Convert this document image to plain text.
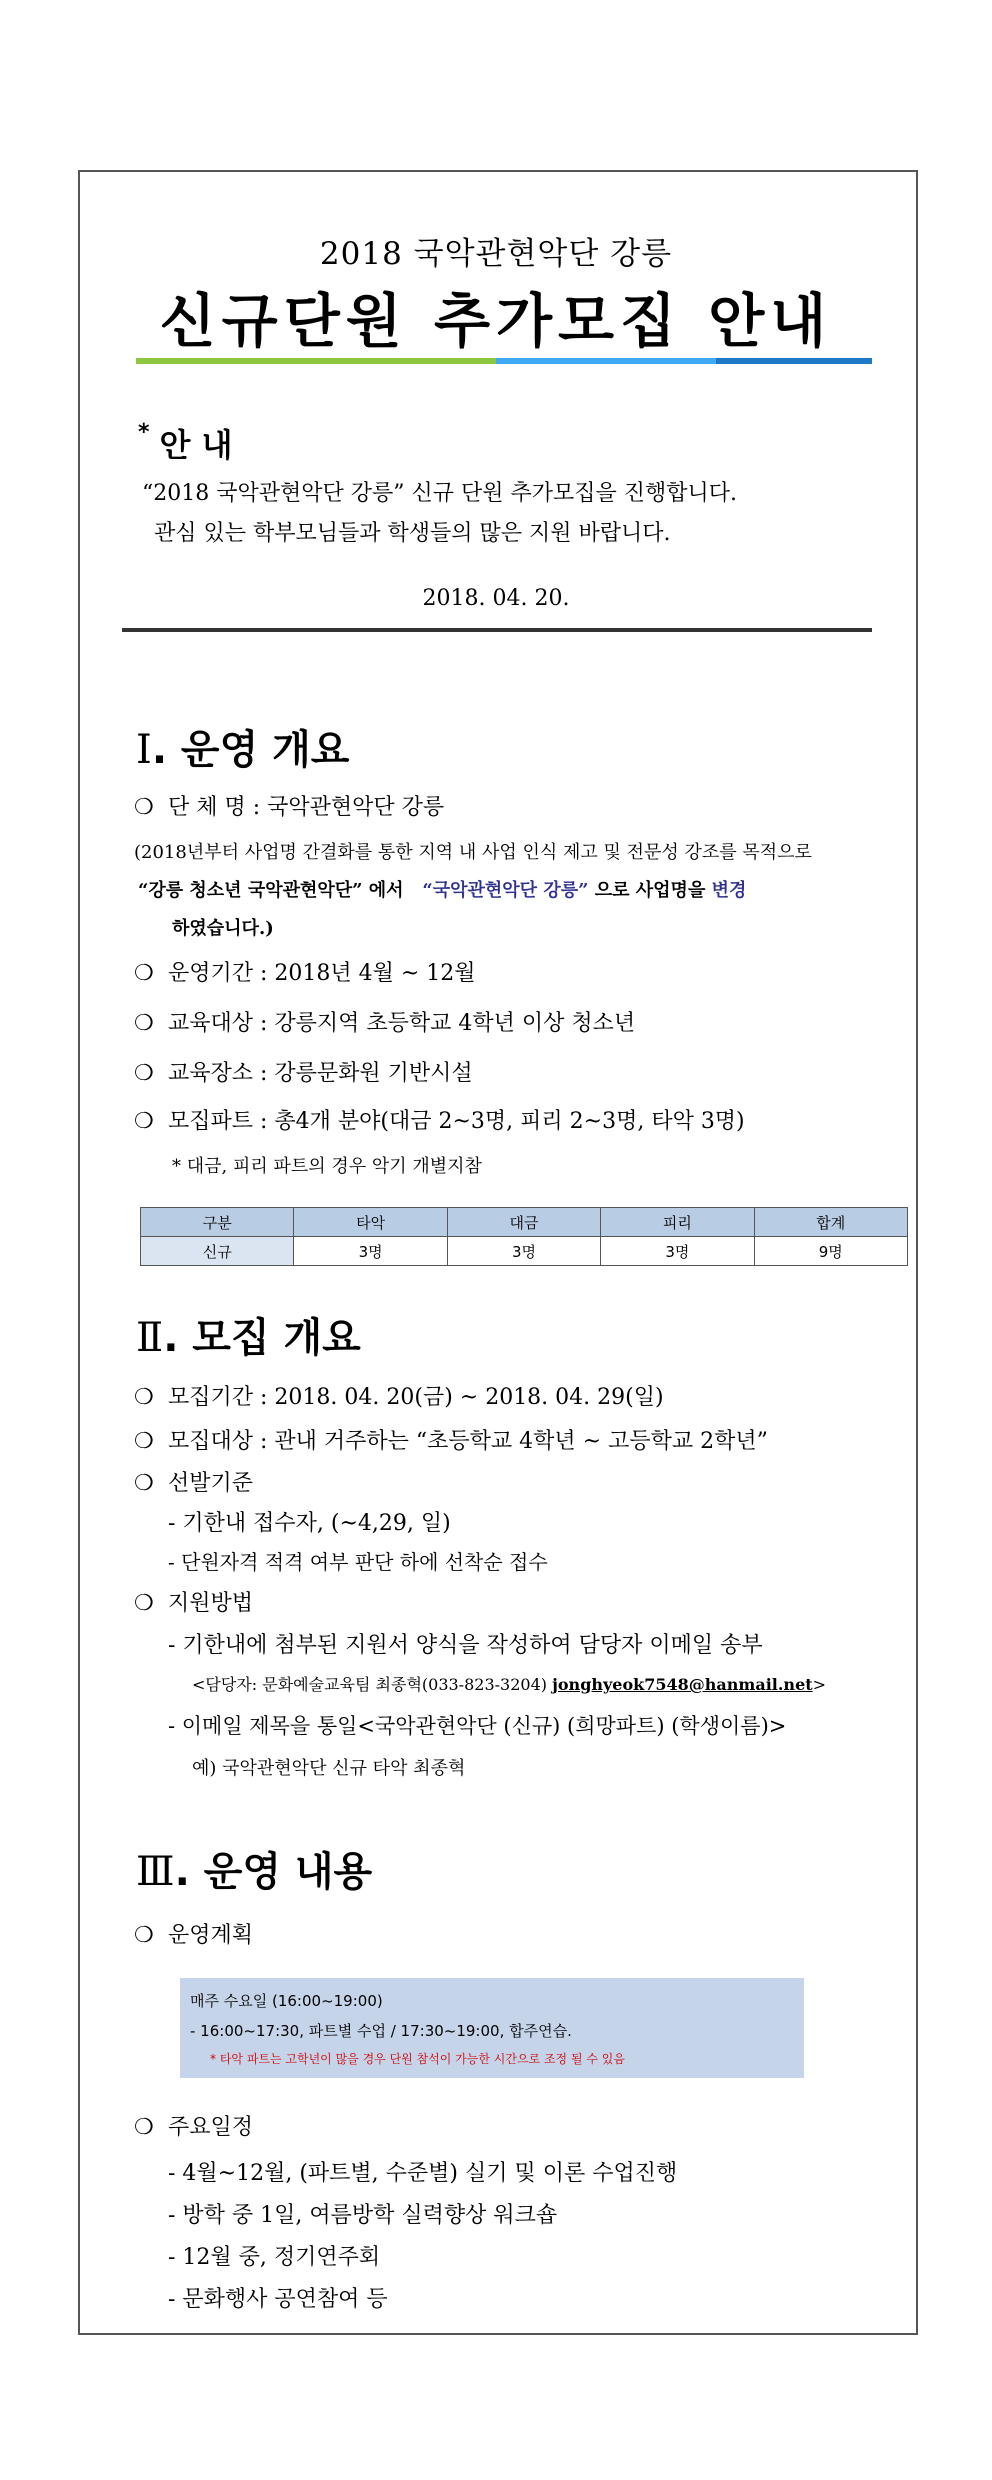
2018 국악관현악단 강릉
신규단원 추가모집 안내
* 안 내
“2018 국악관현악단 강릉” 신규 단원 추가모집을 진행합니다.
관심 있는 학부모님들과 학생들의 많은 지원 바랍니다.
2018. 04. 20.
Ⅰ. 운영 개요
❍ 단 체 명 : 국악관현악단 강릉
(2018년부터 사업명 간결화를 통한 지역 내 사업 인식 제고 및 전문성 강조를 목적으로
“강릉 청소년 국악관현악단” 에서 “국악관현악단 강릉” 으로 사업명을 변경
하였습니다.)
❍ 운영기간 : 2018년 4월 ~ 12월
❍ 교육대상 : 강릉지역 초등학교 4학년 이상 청소년
❍ 교육장소 : 강릉문화원 기반시설
❍ 모집파트 : 총4개 분야(대금 2~3명, 피리 2~3명, 타악 3명)
* 대금, 피리 파트의 경우 악기 개별지참
구분	타악	대금	피리	합계
신규	3명	3명	3명	9명
Ⅱ. 모집 개요
❍ 모집기간 : 2018. 04. 20(금) ~ 2018. 04. 29(일)
❍ 모집대상 : 관내 거주하는 “초등학교 4학년 ~ 고등학교 2학년”
❍ 선발기준
- 기한내 접수자, (~4,29, 일)
- 단원자격 적격 여부 판단 하에 선착순 접수
❍ 지원방법
- 기한내에 첨부된 지원서 양식을 작성하여 담당자 이메일 송부
<담당자: 문화예술교육팀 최종혁(033-823-3204) jonghyeok7548@hanmail.net>
- 이메일 제목을 통일<국악관현악단 (신규) (희망파트) (학생이름)>
예) 국악관현악단 신규 타악 최종혁
Ⅲ. 운영 내용
❍ 운영계획
매주 수요일 (16:00~19:00)
- 16:00~17:30, 파트별 수업 / 17:30~19:00, 합주연습.
* 타악 파트는 고학년이 많을 경우 단원 참석이 가능한 시간으로 조정 될 수 있음
❍ 주요일정
- 4월~12월, (파트별, 수준별) 실기 및 이론 수업진행
- 방학 중 1일, 여름방학 실력향상 워크숍
- 12월 중, 정기연주회
- 문화행사 공연참여 등
